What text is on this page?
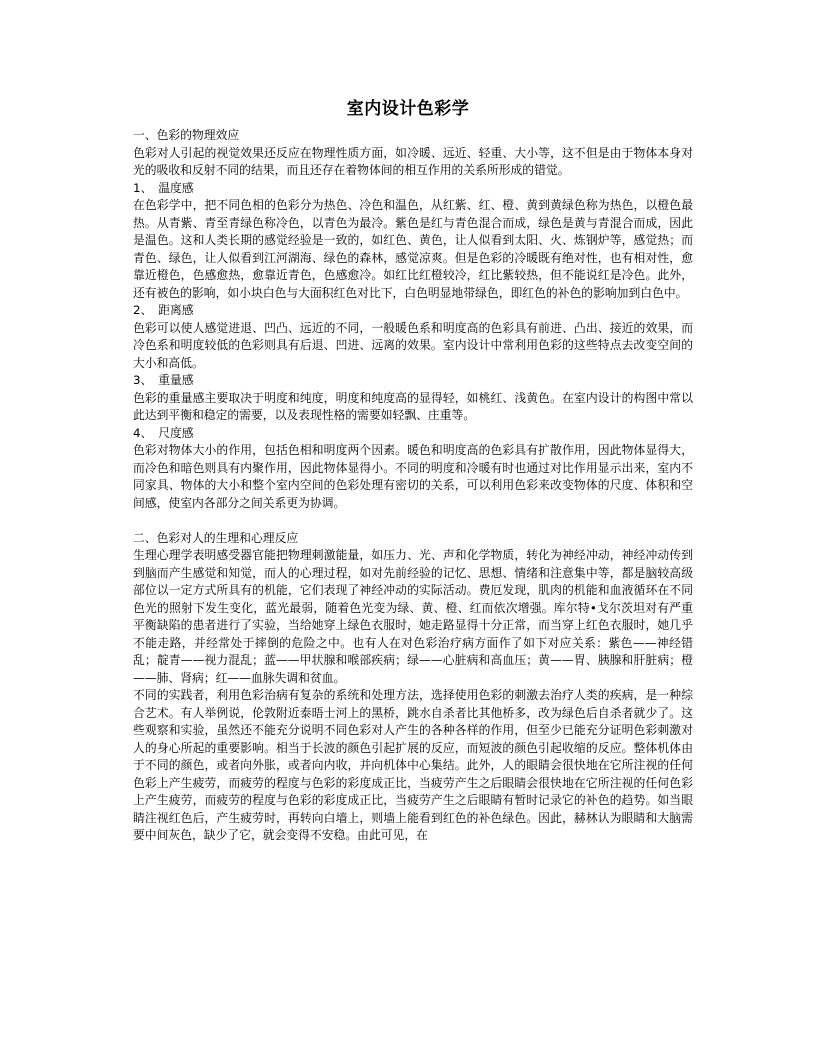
室内设计色彩学

一、色彩的物理效应

色彩对人引起的视觉效果还反应在物理性质方面，如冷暖、远近、轻重、大小等，这不但是由于物体本身对光的吸收和反射不同的结果，而且还存在着物体间的相互作用的关系所形成的错觉。

1、　温度感

在色彩学中，把不同色相的色彩分为热色、冷色和温色，从红紫、红、橙、黄到黄绿色称为热色，以橙色最热。从青紫、青至青绿色称冷色，以青色为最冷。紫色是红与青色混合而成，绿色是黄与青混合而成，因此是温色。这和人类长期的感觉经验是一致的，如红色、黄色，让人似看到太阳、火、炼钢炉等，感觉热；而青色、绿色，让人似看到江河湖海、绿色的森林，感觉凉爽。但是色彩的冷暖既有绝对性，也有相对性，愈靠近橙色，色感愈热，愈靠近青色，色感愈冷。如红比红橙较冷，红比紫较热，但不能说红是冷色。此外，还有被色的影响，如小块白色与大面积红色对比下，白色明显地带绿色，即红色的补色的影响加到白色中。

2、　距离感

色彩可以使人感觉进退、凹凸、远近的不同，一般暖色系和明度高的色彩具有前进、凸出、接近的效果，而冷色系和明度较低的色彩则具有后退、凹进、远离的效果。室内设计中常利用色彩的这些特点去改变空间的大小和高低。

3、　重量感

色彩的重量感主要取决于明度和纯度，明度和纯度高的显得轻，如桃红、浅黄色。在室内设计的构图中常以此达到平衡和稳定的需要，以及表现性格的需要如轻飘、庄重等。

4、　尺度感

色彩对物体大小的作用，包括色相和明度两个因素。暖色和明度高的色彩具有扩散作用，因此物体显得大，而冷色和暗色则具有内聚作用，因此物体显得小。不同的明度和冷暖有时也通过对比作用显示出来，室内不同家具、物体的大小和整个室内空间的色彩处理有密切的关系，可以利用色彩来改变物体的尺度、体积和空间感，使室内各部分之间关系更为协调。

二、色彩对人的生理和心理反应

生理心理学表明感受器官能把物理刺激能量，如压力、光、声和化学物质，转化为神经冲动，神经冲动传到到脑而产生感觉和知觉，而人的心理过程，如对先前经验的记忆、思想、情绪和注意集中等，都是脑较高级部位以一定方式所具有的机能，它们表现了神经冲动的实际活动。费厄发现，肌肉的机能和血液循环在不同色光的照射下发生变化，蓝光最弱，随着色光变为绿、黄、橙、红而依次增强。库尔特•戈尔茨坦对有严重平衡缺陷的患者进行了实验，当给她穿上绿色衣服时，她走路显得十分正常，而当穿上红色衣服时，她几乎不能走路，并经常处于摔倒的危险之中。也有人在对色彩治疗病方面作了如下对应关系：紫色——神经错乱；靛青——视力混乱；蓝——甲状腺和喉部疾病；绿——心脏病和高血压；黄——胃、胰腺和肝脏病；橙——肺、肾病；红——血脉失调和贫血。

不同的实践者，利用色彩治病有复杂的系统和处理方法，选择使用色彩的刺激去治疗人类的疾病，是一种综合艺术。有人举例说，伦敦附近泰晤士河上的黑桥，跳水自杀者比其他桥多，改为绿色后自杀者就少了。这些观察和实验，虽然还不能充分说明不同色彩对人产生的各种各样的作用，但至少已能充分证明色彩刺激对人的身心所起的重要影响。相当于长波的颜色引起扩展的反应，而短波的颜色引起收缩的反应。整体机体由于不同的颜色，或者向外胀，或者向内收，并向机体中心集结。此外，人的眼睛会很快地在它所注视的任何色彩上产生疲劳，而疲劳的程度与色彩的彩度成正比，当疲劳产生之后眼睛会很快地在它所注视的任何色彩上产生疲劳，而疲劳的程度与色彩的彩度成正比，当疲劳产生之后眼睛有暂时记录它的补色的趋势。如当眼睛注视红色后，产生疲劳时，再转向白墙上，则墙上能看到红色的补色绿色。因此，赫林认为眼睛和大脑需要中间灰色，缺少了它，就会变得不安稳。由此可见，在
